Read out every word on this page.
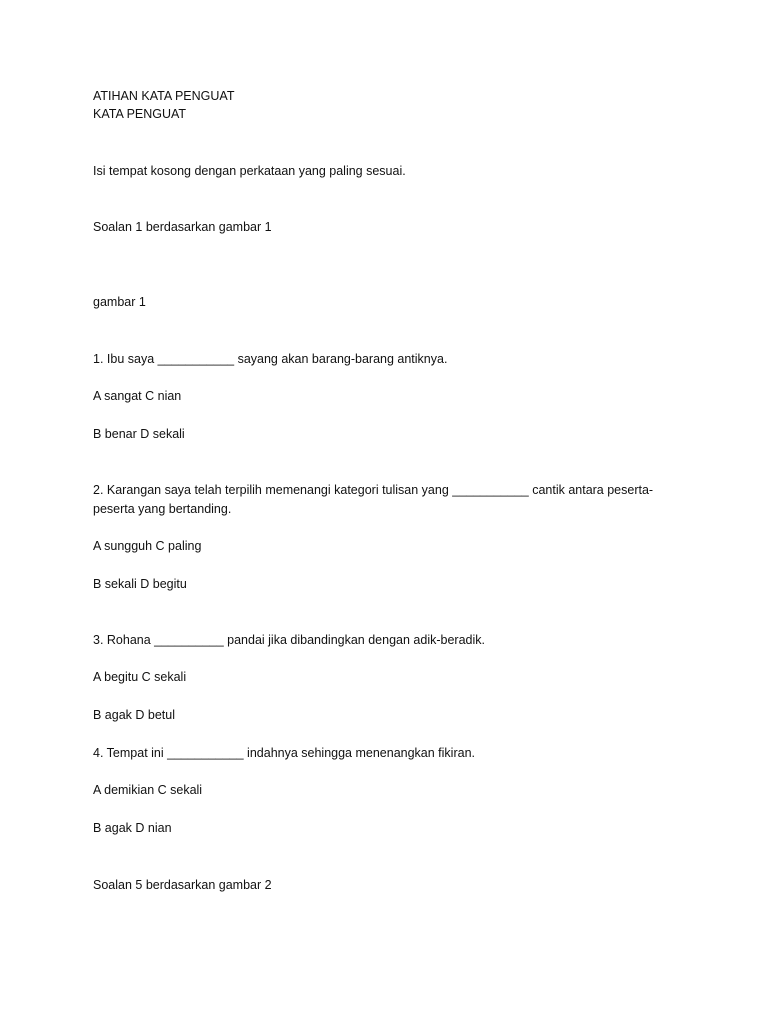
ATIHAN KATA PENGUAT

KATA PENGUAT

Isi tempat kosong dengan perkataan yang paling sesuai.

Soalan 1 berdasarkan gambar 1

gambar 1

1. Ibu saya ___________ sayang akan barang-barang antiknya.

A sangat C nian

B benar D sekali

2. Karangan saya telah terpilih memenangi kategori tulisan yang ___________ cantik antara peserta-

peserta yang bertanding.

A sungguh C paling

B sekali D begitu

3. Rohana __________ pandai jika dibandingkan dengan adik-beradik.

A begitu C sekali

B agak D betul

4. Tempat ini ___________ indahnya sehingga menenangkan fikiran.

A demikian C sekali

B agak D nian

Soalan 5 berdasarkan gambar 2
